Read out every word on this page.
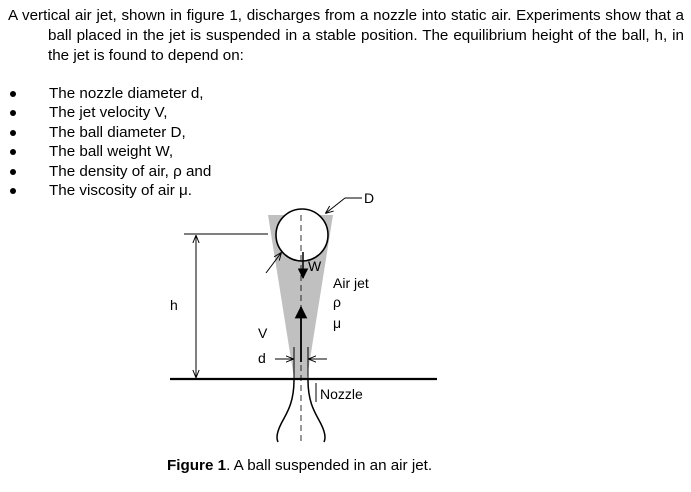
A vertical air jet, shown in figure 1, discharges from a nozzle into static air. Experiments show that a ball placed in the jet is suspended in a stable position. The equilibrium height of the ball, h, in the jet is found to depend on:
The nozzle diameter d,
The jet velocity V,
The ball diameter D,
The ball weight W,
The density of air, ρ and
The viscosity of air μ.
W
V
D
Air jet
ρ
μ
h
d
Nozzle
Figure 1. A ball suspended in an air jet.
